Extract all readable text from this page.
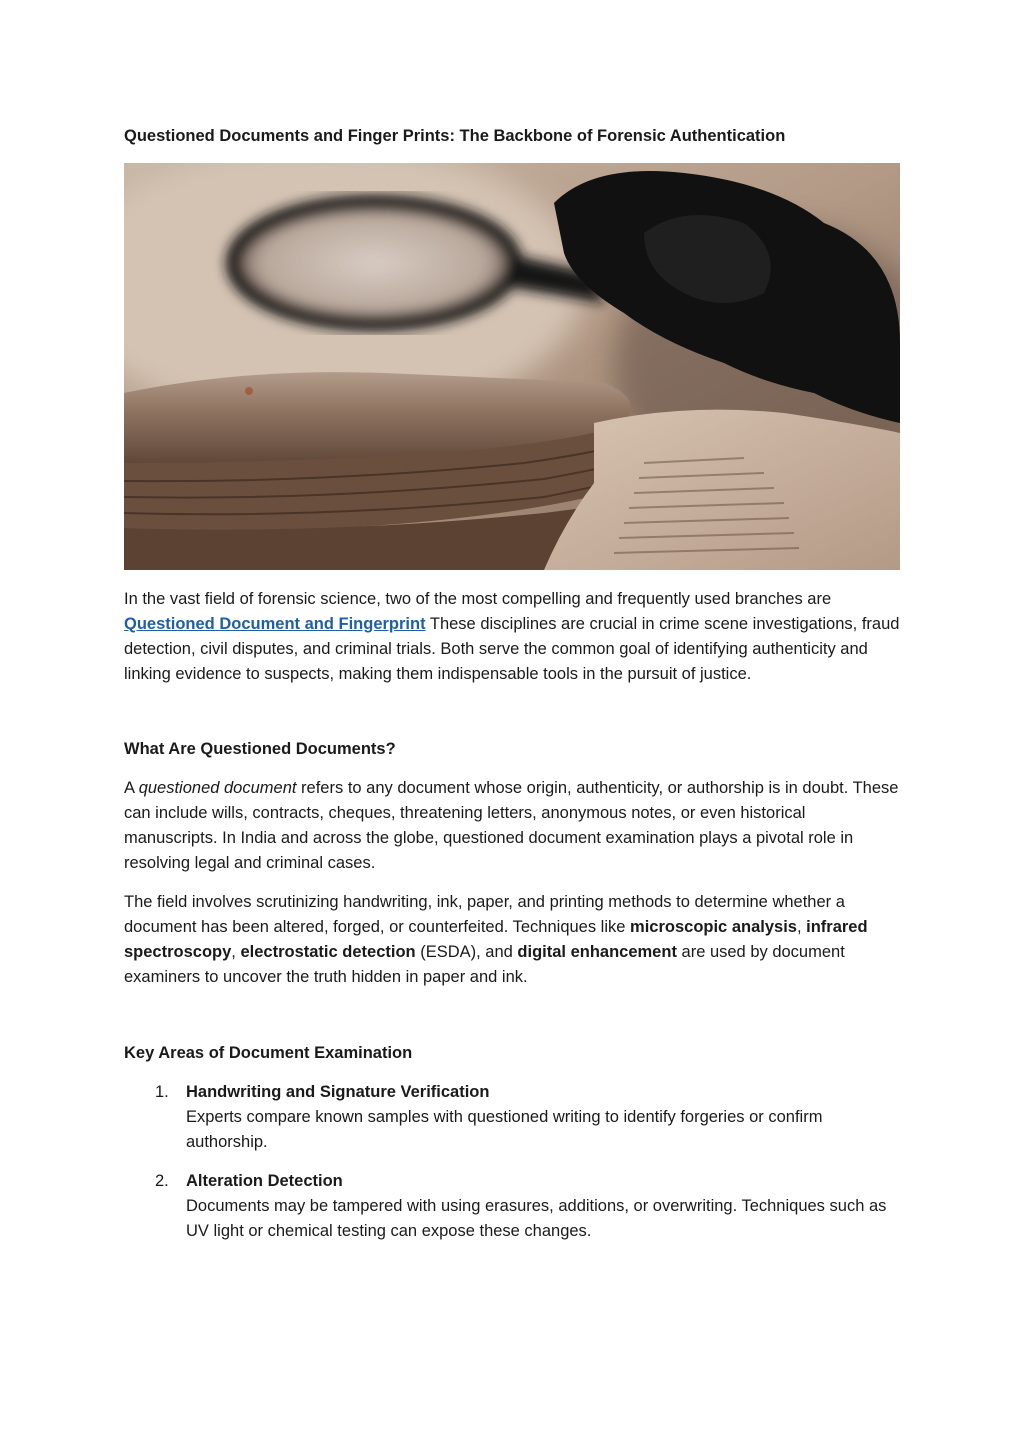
Questioned Documents and Finger Prints: The Backbone of Forensic Authentication

In the vast field of forensic science, two of the most compelling and frequently used branches are Questioned Document and Fingerprint These disciplines are crucial in crime scene investigations, fraud detection, civil disputes, and criminal trials. Both serve the common goal of identifying authenticity and linking evidence to suspects, making them indispensable tools in the pursuit of justice.

What Are Questioned Documents?

A questioned document refers to any document whose origin, authenticity, or authorship is in doubt. These can include wills, contracts, cheques, threatening letters, anonymous notes, or even historical manuscripts. In India and across the globe, questioned document examination plays a pivotal role in resolving legal and criminal cases.

The field involves scrutinizing handwriting, ink, paper, and printing methods to determine whether a document has been altered, forged, or counterfeited. Techniques like microscopic analysis, infrared spectroscopy, electrostatic detection (ESDA), and digital enhancement are used by document examiners to uncover the truth hidden in paper and ink.

Key Areas of Document Examination
1. Handwriting and Signature Verification
Experts compare known samples with questioned writing to identify forgeries or confirm authorship.
2. Alteration Detection
Documents may be tampered with using erasures, additions, or overwriting. Techniques such as UV light or chemical testing can expose these changes.
